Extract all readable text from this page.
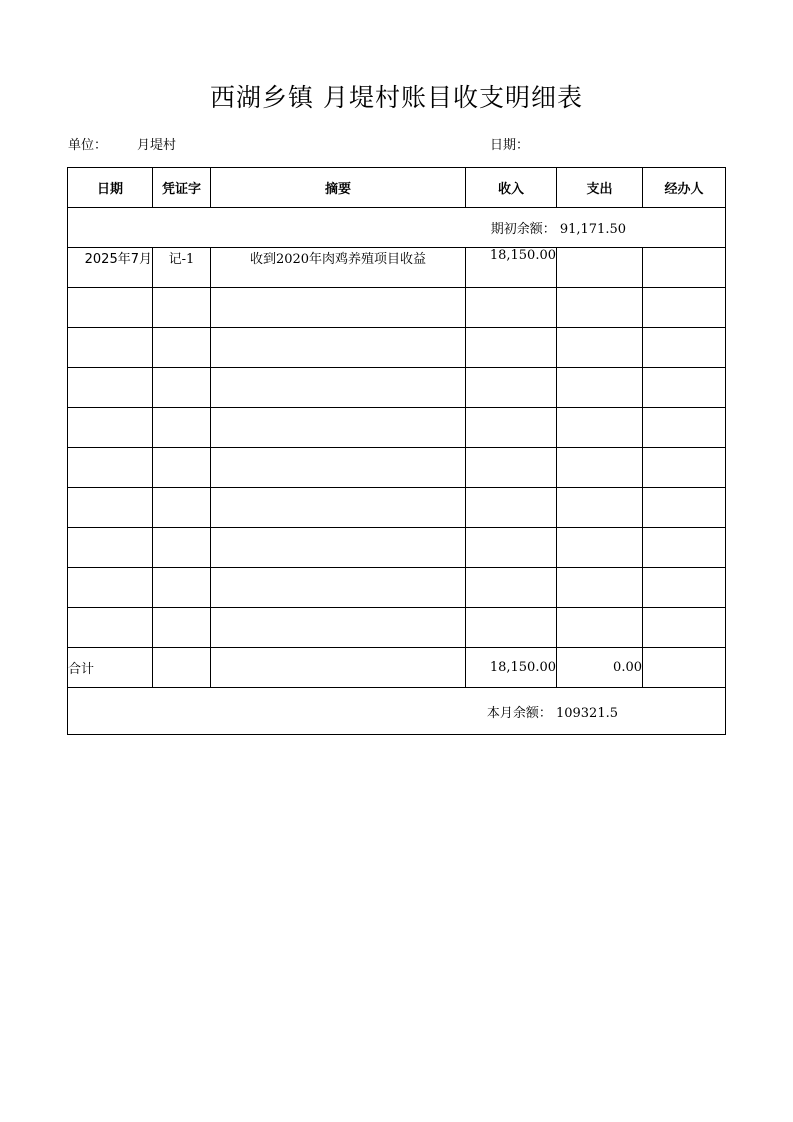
西湖乡镇 月堤村账目收支明细表
单位： 月堤村	日期：
日期	凭证字	摘要	收入	支出	经办人
期初余额： 91,171.50					
2025年7月	记-1	收到2020年肉鸡养殖项目收益	18,150.00		

合计			18,150.00	0.00	
本月余额： 109321.5					
